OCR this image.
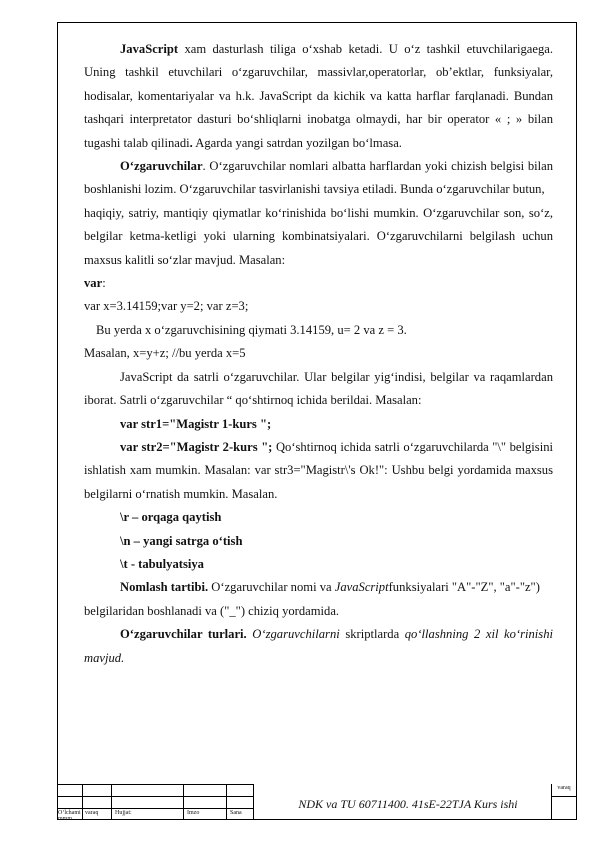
JavaScript xam dasturlash tiliga o‘xshab ketadi. U o‘z tashkil etuvchilarigaega. Uning tashkil etuvchilari o‘zgaruvchilar, massivlar,operatorlar, ob’ektlar, funksiyalar, hodisalar, komentariyalar va h.k. JavaScript da kichik va katta harflar farqlanadi. Bundan tashqari interpretator dasturi bo‘shliqlarni inobatga olmaydi, har bir operator « ; » bilan tugashi talab qilinadi. Agarda yangi satrdan yozilgan bo‘lmasa.

O‘zgaruvchilar. O‘zgaruvchilar nomlari albatta harflardan yoki chizish belgisi bilan boshlanishi lozim. O‘zgaruvchilar tasvirlanishi tavsiya etiladi. Bunda o‘zgaruvchilar butun,

haqiqiy, satriy, mantiqiy qiymatlar ko‘rinishida bo‘lishi mumkin. O‘zgaruvchilar son, so‘z, belgilar ketma-ketligi yoki ularning kombinatsiyalari. O‘zgaruvchilarni belgilash uchun maxsus kalitli so‘zlar mavjud. Masalan:

var:

var x=3.14159;var y=2; var z=3;

Bu yerda x o‘zgaruvchisining qiymati 3.14159, u= 2 va z = 3.

Masalan, x=y+z; //bu yerda x=5

JavaScript da satrli o‘zgaruvchilar. Ular belgilar yig‘indisi, belgilar va raqamlardan iborat. Satrli o‘zgaruvchilar “ qo‘shtirnoq ichida berildai. Masalan:

var str1="Magistr 1-kurs ";

var str2="Magistr 2-kurs "; Qo‘shtirnoq ichida satrli o‘zgaruvchilarda "\" belgisini ishlatish xam mumkin. Masalan: var str3="Magistr\'s Ok!": Ushbu belgi yordamida maxsus belgilarni o‘rnatish mumkin. Masalan.

\r – orqaga qaytish

\n – yangi satrga o‘tish

\t - tabulyatsiya

Nomlash tartibi. O‘zgaruvchilar nomi va JavaScriptfunksiyalari "A"-"Z", "a"-"z")

belgilaridan boshlanadi va ("_") chiziq yordamida.

O‘zgaruvchilar turlari. O‘zgaruvchilarni skriptlarda qo‘llashning 2 xil ko‘rinishi mavjud.

O‘lchami
mmm
varaq	Hujjat:	Imzo	Sana
NDK va TU 60711400. 41sE-22TJA Kurs ishi
varaq
